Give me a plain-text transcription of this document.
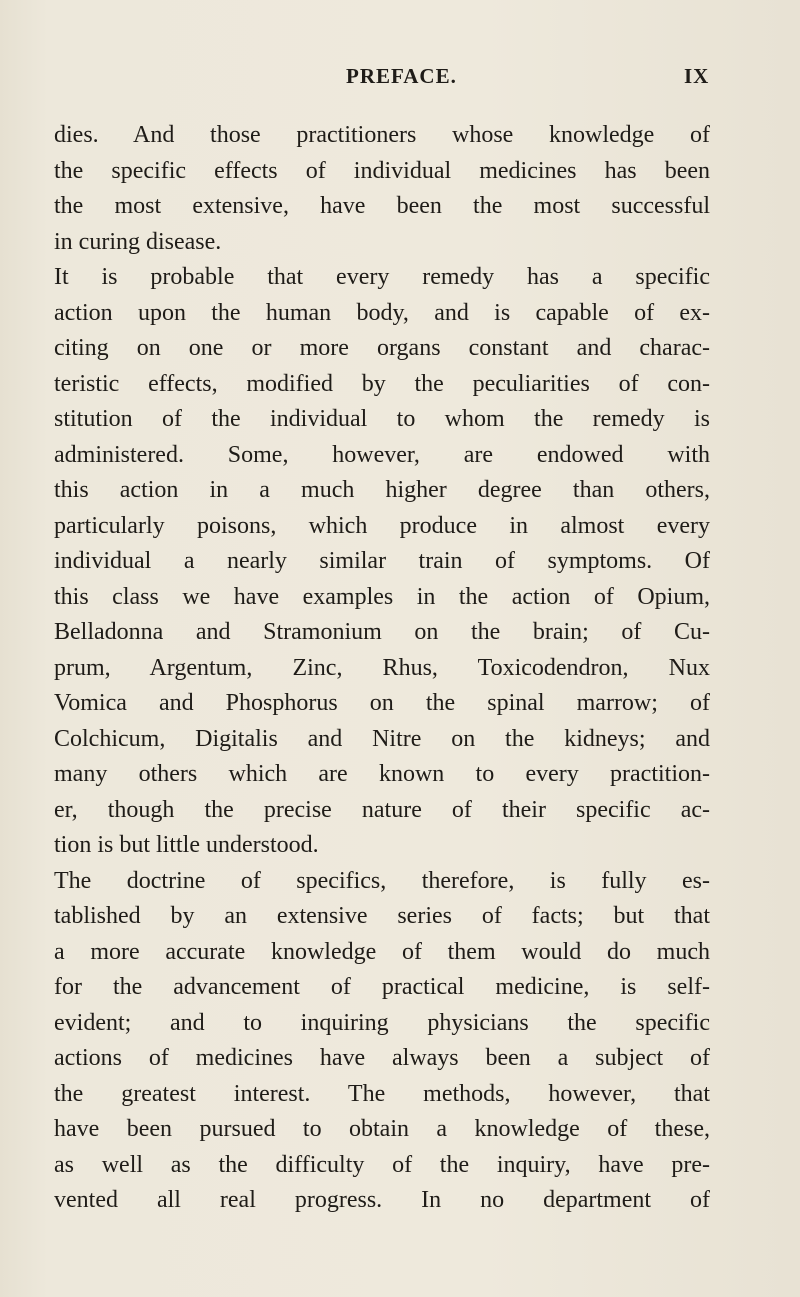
PREFACE.	IX
dies. And those practitioners whose knowledge of
the specific effects of individual medicines has been
the most extensive, have been the most successful
in curing disease.
It is probable that every remedy has a specific
action upon the human body, and is capable of ex-
citing on one or more organs constant and charac-
teristic effects, modified by the peculiarities of con-
stitution of the individual to whom the remedy is
administered. Some, however, are endowed with
this action in a much higher degree than others,
particularly poisons, which produce in almost every
individual a nearly similar train of symptoms. Of
this class we have examples in the action of Opium,
Belladonna and Stramonium on the brain; of Cu-
prum, Argentum, Zinc, Rhus, Toxicodendron, Nux
Vomica and Phosphorus on the spinal marrow; of
Colchicum, Digitalis and Nitre on the kidneys; and
many others which are known to every practition-
er, though the precise nature of their specific ac-
tion is but little understood.
The doctrine of specifics, therefore, is fully es-
tablished by an extensive series of facts; but that
a more accurate knowledge of them would do much
for the advancement of practical medicine, is self-
evident; and to inquiring physicians the specific
actions of medicines have always been a subject of
the greatest interest. The methods, however, that
have been pursued to obtain a knowledge of these,
as well as the difficulty of the inquiry, have pre-
vented all real progress. In no department of
